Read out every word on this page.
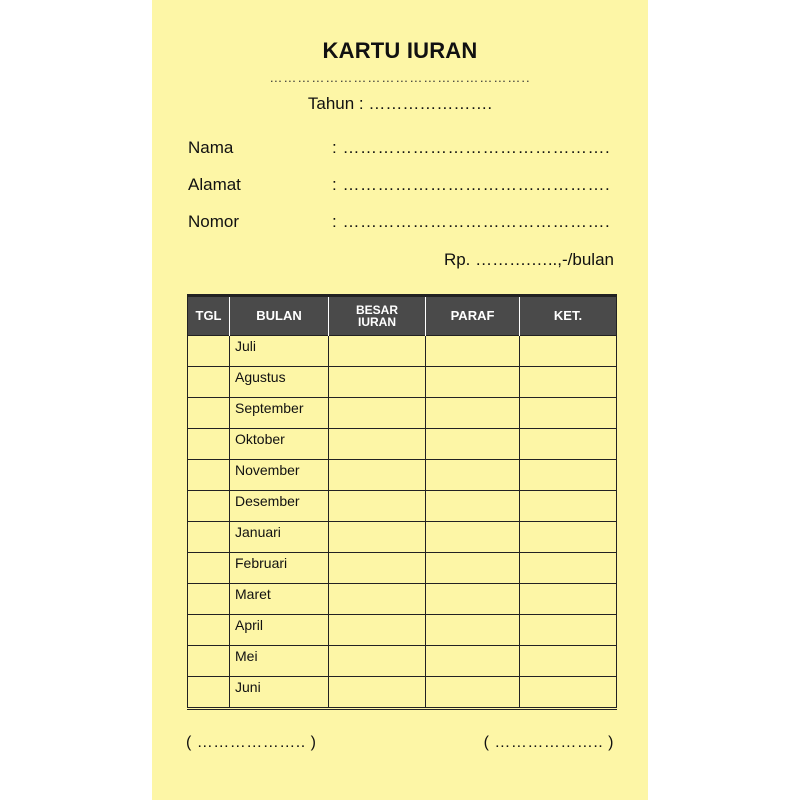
KARTU IURAN
………………………………………………..
Tahun : ………………….
Nama	: ……………………………………….
Alamat	: ……………………………………….
Nomor	: ……………………………………….
Rp. ……….…..,-/bulan
TGL	BULAN	BESAR IURAN	PARAF	KET.
	Juli			
	Agustus			
	September			
	Oktober			
	November			
	Desember			
	Januari			
	Februari			
	Maret			
	April			
	Mei			
	Juni			
( ……………….. )	( ……………….. )
